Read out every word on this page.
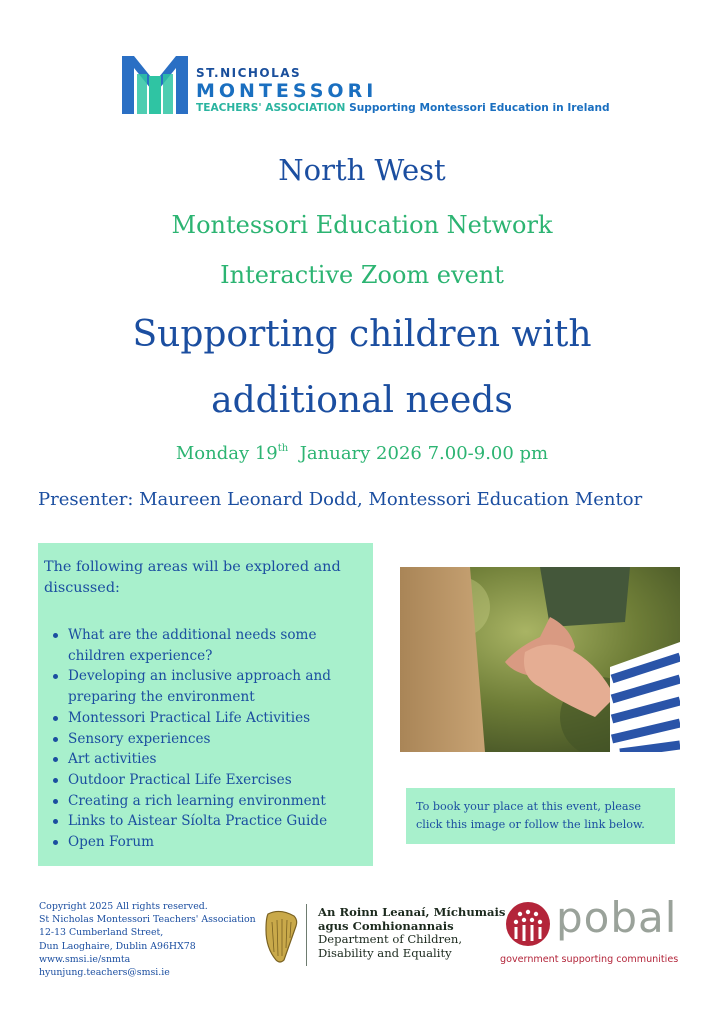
ST.NICHOLAS
MONTESSORI
TEACHERS' ASSOCIATION Supporting Montessori Education in Ireland
North West
Montessori Education Network
Interactive Zoom event
Supporting children with
additional needs
Monday 19th January 2026 7.00-9.00 pm
Presenter: Maureen Leonard Dodd, Montessori Education Mentor
The following areas will be explored and discussed:
What are the additional needs some children experience?
Developing an inclusive approach and preparing the environment
Montessori Practical Life Activities
Sensory experiences
Art activities
Outdoor Practical Life Exercises
Creating a rich learning environment
Links to Aistear Síolta Practice Guide
Open Forum
To book your place at this event, please click this image or follow the link below.
Copyright 2025 All rights reserved.
St Nicholas Montessori Teachers' Association
12-13 Cumberland Street,
Dun Laoghaire, Dublin A96HX78
www.smsi.ie/snmta
hyunjung.teachers@smsi.ie
An Roinn Leanaí, Míchumais
agus Comhionannais
Department of Children,
Disability and Equality
pobal
government supporting communities
